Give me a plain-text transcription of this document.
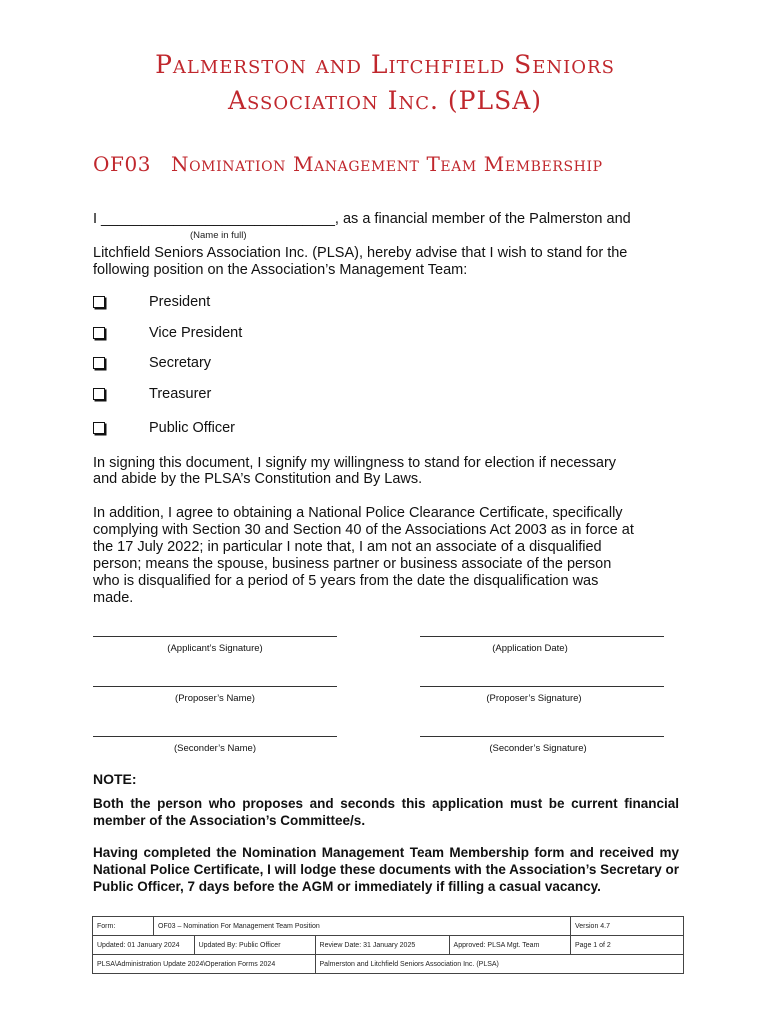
Palmerston and Litchfield Seniors
Association Inc. (PLSA)
OF03 Nomination Management Team Membership
I _____________________________, as a financial member of the Palmerston and
(Name in full)
Litchfield Seniors Association Inc. (PLSA), hereby advise that I wish to stand for the
following position on the Association’s Management Team:
President
Vice President
Secretary
Treasurer
Public Officer
In signing this document, I signify my willingness to stand for election if necessary
and abide by the PLSA’s Constitution and By Laws.
In addition, I agree to obtaining a National Police Clearance Certificate, specifically
complying with Section 30 and Section 40 of the Associations Act 2003 as in force at
the 17 July 2022; in particular I note that, I am not an associate of a disqualified
person; means the spouse, business partner or business associate of the person
who is disqualified for a period of 5 years from the date the disqualification was
made.
(Applicant’s Signature)	(Application Date)
(Proposer’s Name)	(Proposer’s Signature)
(Seconder’s Name)	(Seconder’s Signature)
NOTE:
Both the person who proposes and seconds this application must be current financial member of the Association’s Committee/s.
Having completed the Nomination Management Team Membership form and received my National Police Certificate, I will lodge these documents with the Association’s Secretary or Public Officer, 7 days before the AGM or immediately if filling a casual vacancy.
Form:	OF03 – Nomination For Management Team Position				Version 4.7
Updated: 01 January 2024		Updated By: Public Officer	Review Date: 31 January 2025	Approved: PLSA Mgt. Team	Page 1 of 2
PLSA\Administration Update 2024\Operation Forms 2024			Palmerston and Litchfield Seniors Association Inc. (PLSA)		
